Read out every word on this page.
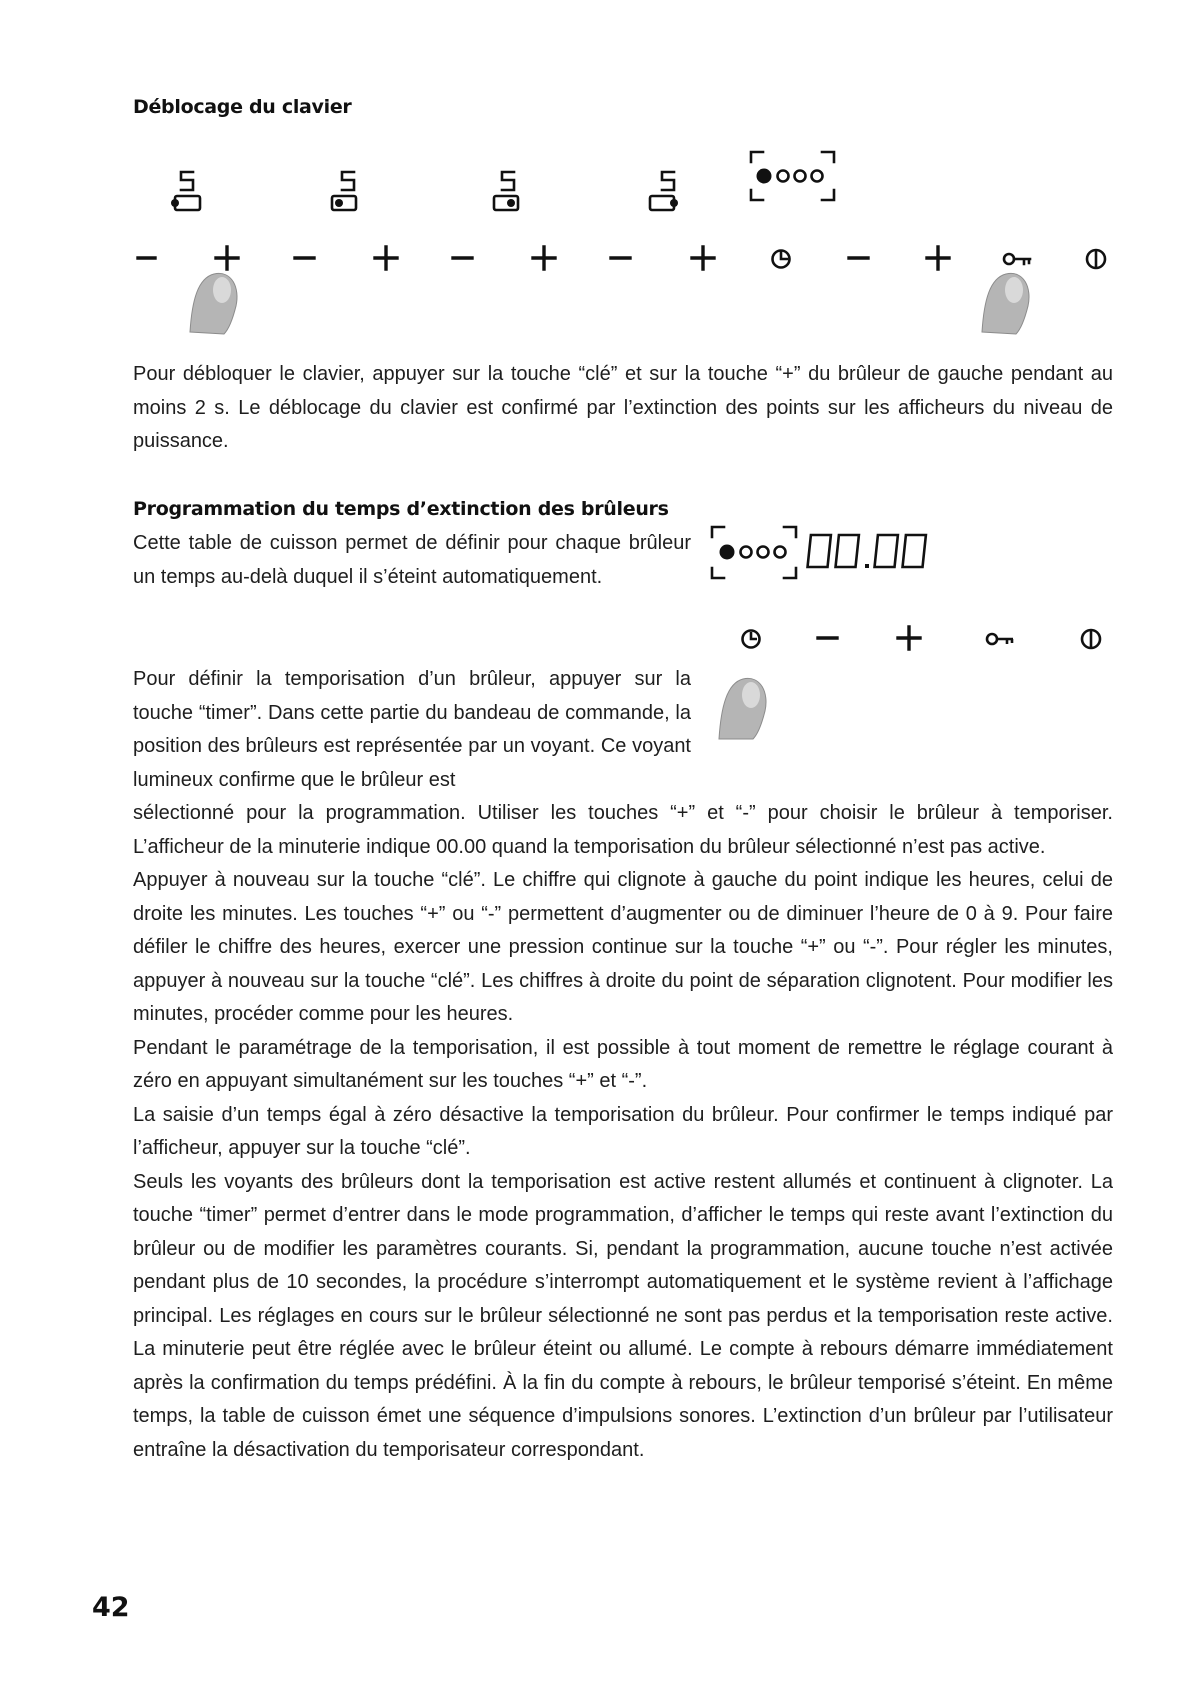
Déblocage du clavier

Pour débloquer le clavier, appuyer sur la touche “clé” et sur la touche “+” du brûleur de gauche pendant au moins 2 s. Le déblocage du clavier est confirmé par l’extinction des points sur les afficheurs du niveau de puissance.

Programmation du temps d’extinction des brûleurs

Cette table de cuisson permet de définir pour chaque brûleur un temps au-delà duquel il s’éteint automatiquement.

Pour définir la temporisation d’un brûleur, appuyer sur la touche “timer”. Dans cette partie du bandeau de commande, la position des brûleurs est représentée par un voyant. Ce voyant lumineux confirme que le brûleur est

sélectionné pour la programmation. Utiliser les touches “+” et “-” pour choisir le brûleur à temporiser. L’afficheur de la minuterie indique 00.00 quand la temporisation du brûleur sélectionné n’est pas active.

Appuyer à nouveau sur la touche “clé”. Le chiffre qui clignote à gauche du point indique les heures, celui de droite les minutes. Les touches “+” ou “-” permettent d’augmenter ou de diminuer l’heure de 0 à 9. Pour faire défiler le chiffre des heures, exercer une pression continue sur la touche “+” ou “-”. Pour régler les minutes, appuyer à nouveau sur la touche “clé”. Les chiffres à droite du point de séparation clignotent. Pour modifier les minutes, procéder comme pour les heures.

Pendant le paramétrage de la temporisation, il est possible à tout moment de remettre le réglage courant à zéro en appuyant simultanément sur les touches “+” et “-”.

La saisie d’un temps égal à zéro désactive la temporisation du brûleur. Pour confirmer le temps indiqué par l’afficheur, appuyer sur la touche “clé”.

Seuls les voyants des brûleurs dont la temporisation est active restent allumés et continuent à clignoter. La touche “timer” permet d’entrer dans le mode programmation, d’afficher le temps qui reste avant l’extinction du brûleur ou de modifier les paramètres courants. Si, pendant la programmation, aucune touche n’est activée pendant plus de 10 secondes, la procédure s’interrompt automatiquement et le système revient à l’affichage principal. Les réglages en cours sur le brûleur sélectionné ne sont pas perdus et la temporisation reste active. La minuterie peut être réglée avec le brûleur éteint ou allumé. Le compte à rebours démarre immédiatement après la confirmation du temps prédéfini. À la fin du compte à rebours, le brûleur temporisé s’éteint. En même temps, la table de cuisson émet une séquence d’impulsions sonores. L’extinction d’un brûleur par l’utilisateur entraîne la désactivation du temporisateur correspondant.

42
